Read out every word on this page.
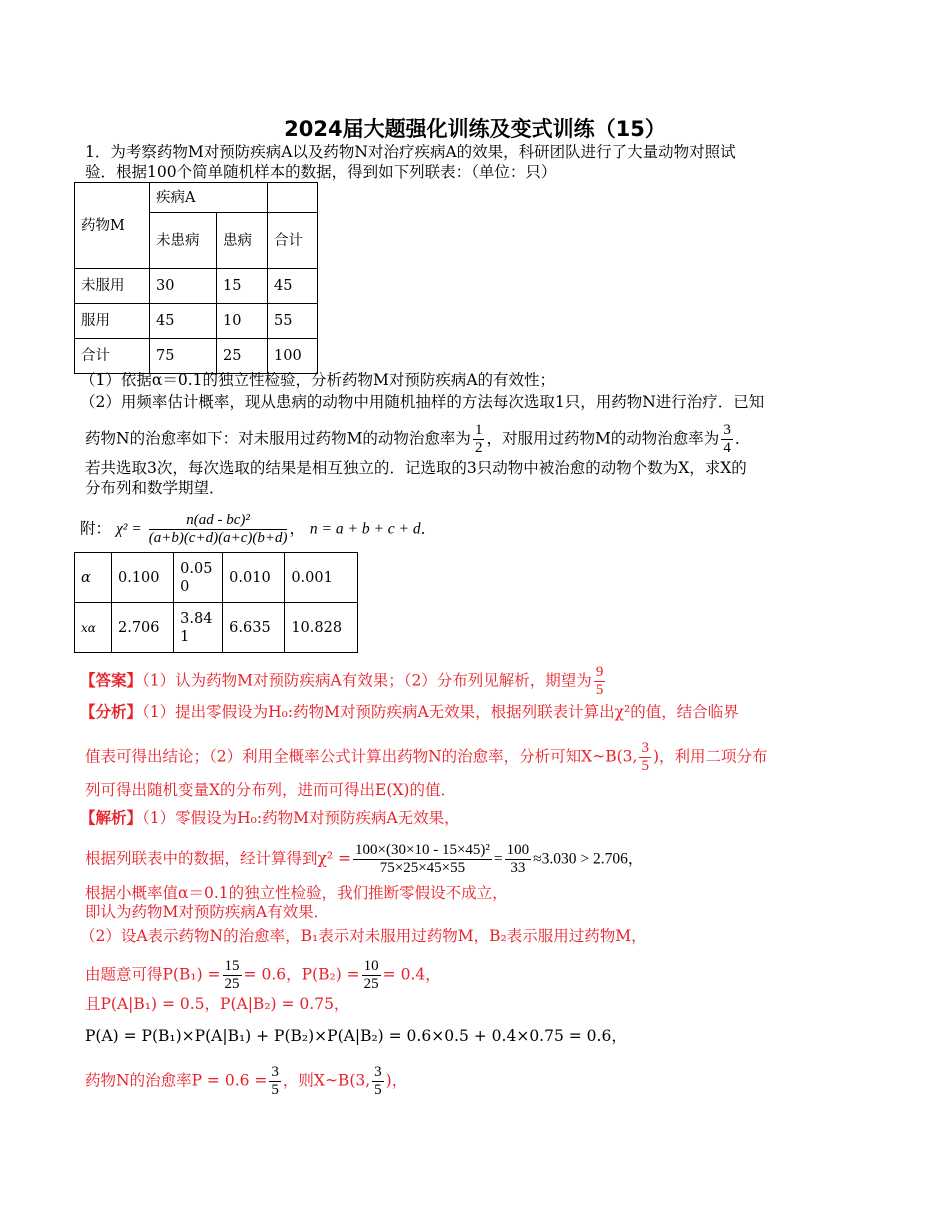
2024届大题强化训练及变式训练（15）
1．为考察药物M对预防疾病A以及药物N对治疗疾病A的效果，科研团队进行了大量动物对照试
验．根据100个简单随机样本的数据，得到如下列联表：（单位：只）
药物M	疾病A		
	未患病	患病	合计
未服用	30	15	45
服用	45	10	55
合计	75	25	100
（1）依据α＝0.1的独立性检验，分析药物M对预防疾病A的有效性；
（2）用频率估计概率，现从患病的动物中用随机抽样的方法每次选取1只，用药物N进行治疗．已知
药物N的治愈率如下：对未服用过药物M的动物治愈率为 $\frac{1}{2}$ ，对服用过药物M的动物治愈率为 $\frac{3}{4}$ ．
若共选取3次，每次选取的结果是相互独立的．记选取的3只动物中被治愈的动物个数为X，求X的
分布列和数学期望．
附： $\chi^2 = \frac{\text{n(ad - bc)²}}{(a+b)(c+d)(a+c)(b+d)}$ ， n = a + b + c + d．
α	0.100	0.050	0.010	0.001
xα	2.706	3.841	6.635	10.828
【答案】（1）认为药物M对预防疾病A有效果；（2）分布列见解析，期望为 $\frac{9}{5}$
【分析】（1）提出零假设为H₀:药物M对预防疾病A无效果，根据列联表计算出χ²的值，结合临界
值表可得出结论；（2）利用全概率公式计算出药物N的治愈率，分析可知X~B(3, $\frac{3}{5}$ )，利用二项分布
列可得出随机变量X的分布列，进而可得出E(X)的值．
【解析】（1）零假设为H₀:药物M对预防疾病A无效果，
根据列联表中的数据，经计算得到$\chi^2 = \frac{\text{100×(30×10 - 15×45)²}}{75\times 25\times 45\times 55} = \frac{100}{33} \approx 3.030 > 2.706$，
根据小概率值α＝0.1的独立性检验，我们推断零假设不成立，
即认为药物M对预防疾病A有效果．
（2）设A表示药物N的治愈率，B₁表示对未服用过药物M，B₂表示服用过药物M，
由题意可得$P(B_1) = \frac{15}{25} = 0.6$，$P(B_2) = \frac{10}{25} = 0.4$，
且P(A|B₁) = 0.5，P(A|B₂) = 0.75，
P(A) = P(B₁)×P(A|B₁) + P(B₂)×P(A|B₂) = 0.6×0.5 + 0.4×0.75 = 0.6，
药物N的治愈率$P = 0.6 = \frac{3}{5}$ ，则X~B(3, $\frac{3}{5}$ )，
